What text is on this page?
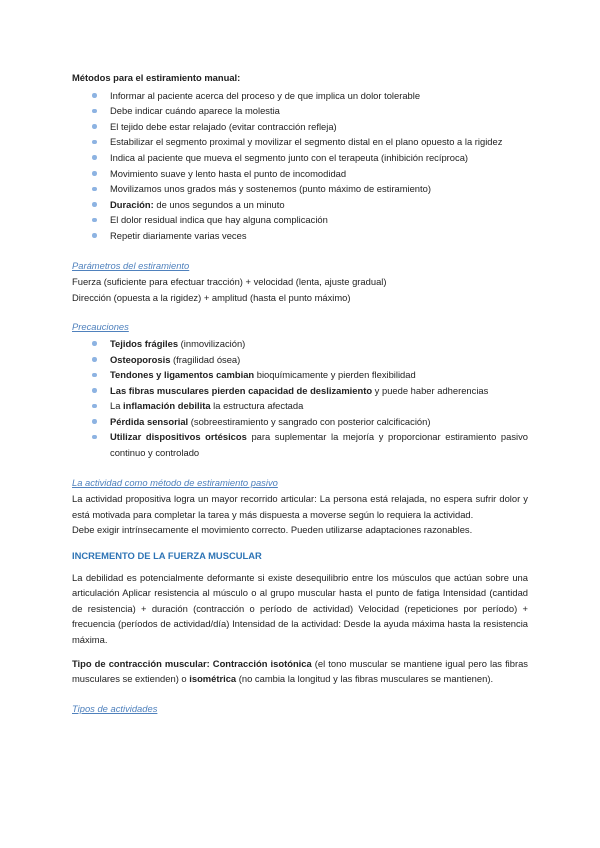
Métodos para el estiramiento manual:

Informar al paciente acerca del proceso y de que implica un dolor tolerable
Debe indicar cuándo aparece la molestia
El tejido debe estar relajado (evitar contracción refleja)
Estabilizar el segmento proximal y movilizar el segmento distal en el plano opuesto a la rigidez
Indica al paciente que mueva el segmento junto con el terapeuta (inhibición recíproca)
Movimiento suave y lento hasta el punto de incomodidad
Movilizamos unos grados más y sostenemos (punto máximo de estiramiento)
Duración: de unos segundos a un minuto
El dolor residual indica que hay alguna complicación
Repetir diariamente varias veces

Parámetros del estiramiento

Fuerza (suficiente para efectuar tracción) + velocidad (lenta, ajuste gradual)

Dirección (opuesta a la rigidez) + amplitud (hasta el punto máximo)

Precauciones

Tejidos frágiles (inmovilización)
Osteoporosis (fragilidad ósea)
Tendones y ligamentos cambian bioquímicamente y pierden flexibilidad
Las fibras musculares pierden capacidad de deslizamiento y puede haber adherencias
La inflamación debilita la estructura afectada
Pérdida sensorial (sobreestiramiento y sangrado con posterior calcificación)
Utilizar dispositivos ortésicos para suplementar la mejoría y proporcionar estiramiento pasivo continuo y controlado

La actividad como método de estiramiento pasivo

La actividad propositiva logra un mayor recorrido articular: La persona está relajada, no espera sufrir dolor y está motivada para completar la tarea y más dispuesta a moverse según lo requiera la actividad.

Debe exigir intrínsecamente el movimiento correcto. Pueden utilizarse adaptaciones razonables.

INCREMENTO DE LA FUERZA MUSCULAR

La debilidad es potencialmente deformante si existe desequilibrio entre los músculos que actúan sobre una articulación Aplicar resistencia al músculo o al grupo muscular hasta el punto de fatiga Intensidad (cantidad de resistencia) + duración (contracción o período de actividad) Velocidad (repeticiones por período) + frecuencia (períodos de actividad/día) Intensidad de la actividad: Desde la ayuda máxima hasta la resistencia máxima.

Tipo de contracción muscular: Contracción isotónica (el tono muscular se mantiene igual pero las fibras musculares se extienden) o isométrica (no cambia la longitud y las fibras musculares se mantienen).

Tipos de actividades
